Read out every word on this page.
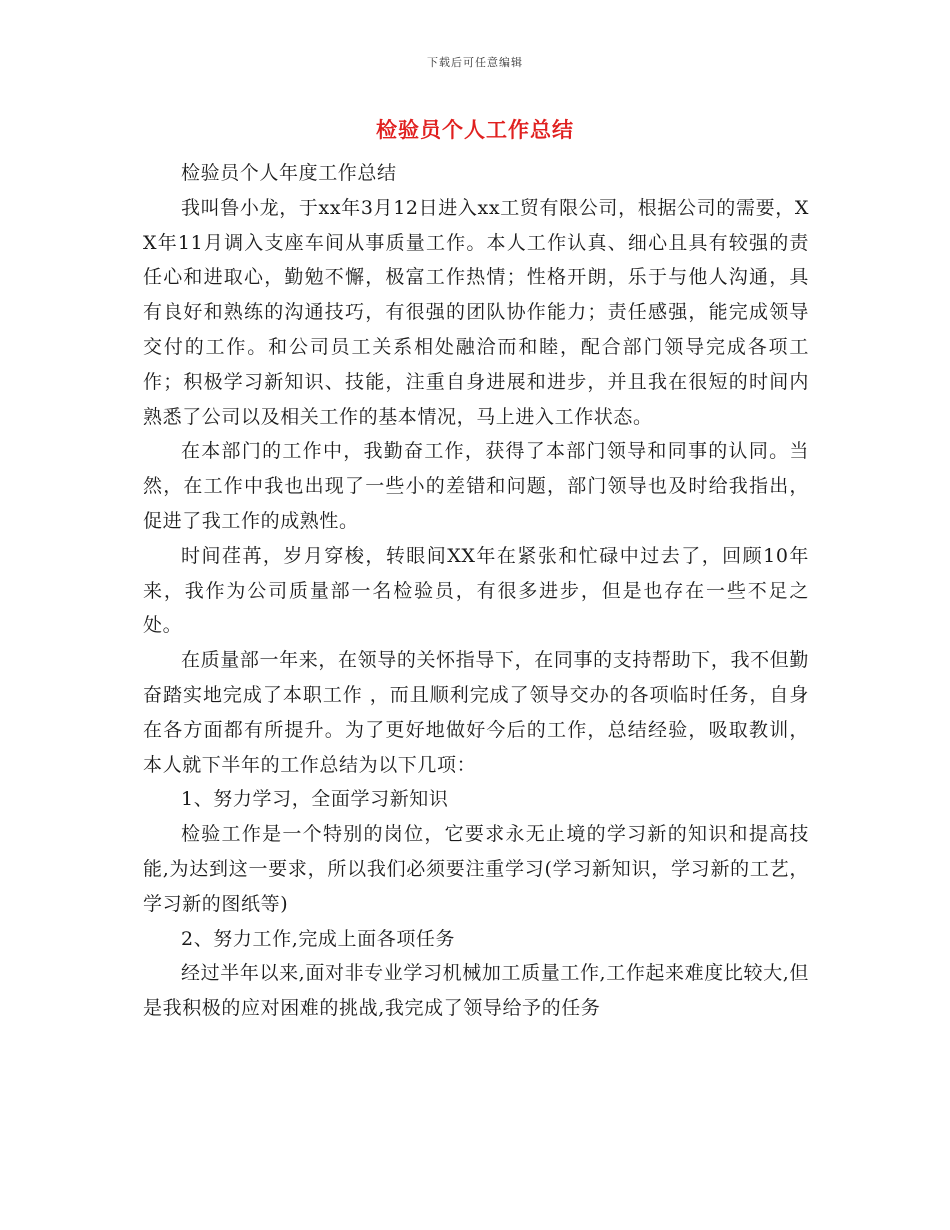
下载后可任意编辑
检验员个人工作总结

检验员个人年度工作总结

我叫鲁小龙，于xx年3月12日进入xx工贸有限公司，根据公司的需要，XX年11月调入支座车间从事质量工作。本人工作认真、细心且具有较强的责任心和进取心，勤勉不懈，极富工作热情；性格开朗，乐于与他人沟通，具有良好和熟练的沟通技巧，有很强的团队协作能力；责任感强，能完成领导交付的工作。和公司员工关系相处融洽而和睦，配合部门领导完成各项工作；积极学习新知识、技能，注重自身进展和进步，并且我在很短的时间内熟悉了公司以及相关工作的基本情况，马上进入工作状态。

在本部门的工作中，我勤奋工作，获得了本部门领导和同事的认同。当然，在工作中我也出现了一些小的差错和问题，部门领导也及时给我指出，促进了我工作的成熟性。

时间荏苒，岁月穿梭，转眼间XX年在紧张和忙碌中过去了，回顾10年来，我作为公司质量部一名检验员，有很多进步，但是也存在一些不足之处。

在质量部一年来，在领导的关怀指导下，在同事的支持帮助下，我不但勤奋踏实地完成了本职工作 ，而且顺利完成了领导交办的各项临时任务，自身在各方面都有所提升。为了更好地做好今后的工作，总结经验，吸取教训，本人就下半年的工作总结为以下几项：

1、努力学习，全面学习新知识

检验工作是一个特别的岗位，它要求永无止境的学习新的知识和提高技能,为达到这一要求，所以我们必须要注重学习(学习新知识，学习新的工艺，学习新的图纸等)

2、努力工作,完成上面各项任务

经过半年以来,面对非专业学习机械加工质量工作,工作起来难度比较大,但是我积极的应对困难的挑战,我完成了领导给予的任务
